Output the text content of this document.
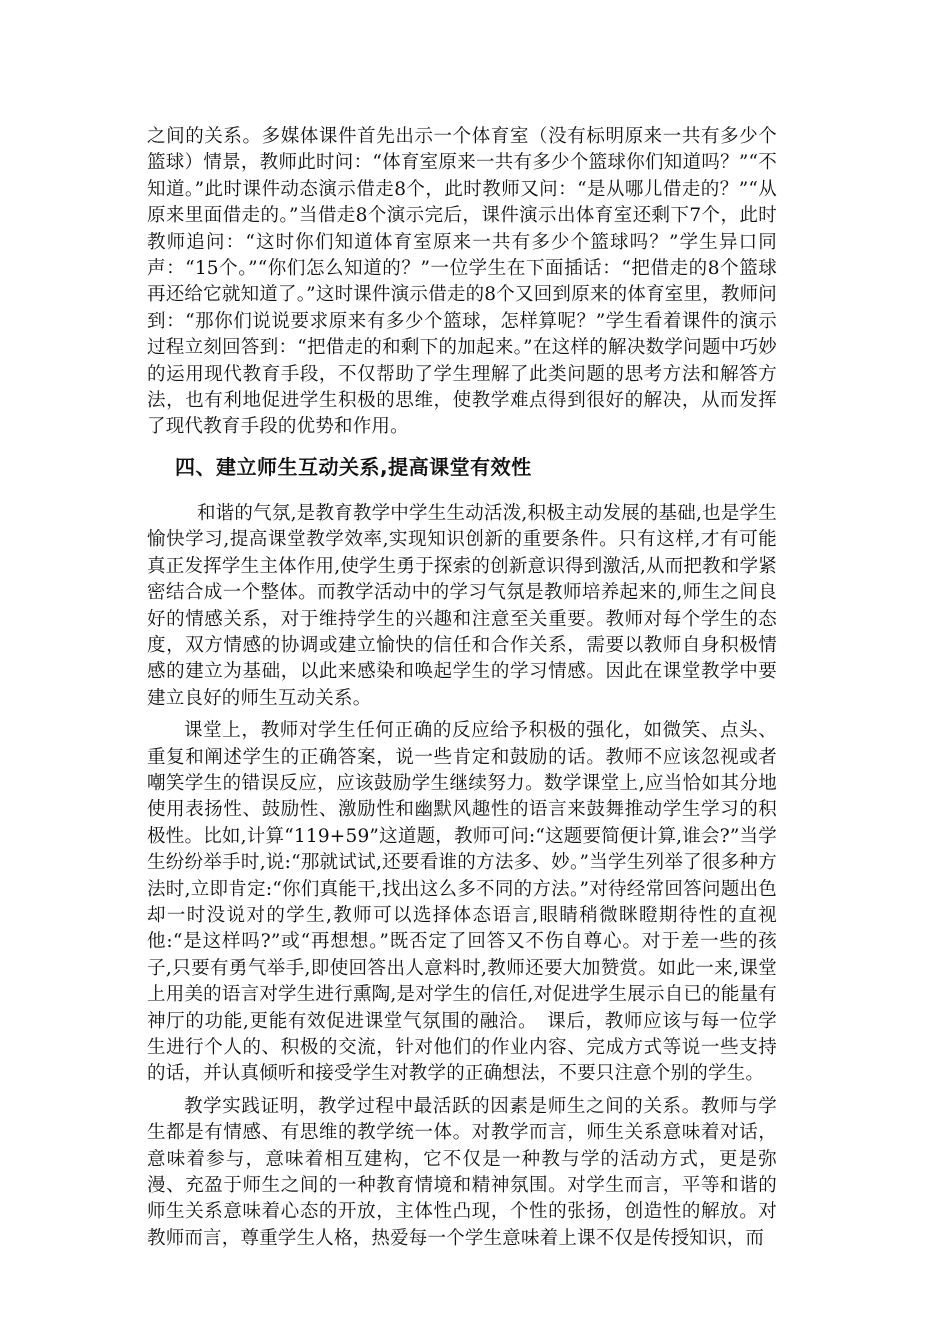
之间的关系。多媒体课件首先出示一个体育室（没有标明原来一共有多少个篮球）情景，教师此时问：“体育室原来一共有多少个篮球你们知道吗？”“不知道。”此时课件动态演示借走8个，此时教师又问：“是从哪儿借走的？”“从原来里面借走的。”当借走8个演示完后，课件演示出体育室还剩下7个，此时教师追问：“这时你们知道体育室原来一共有多少个篮球吗？”学生异口同声：“15个。”“你们怎么知道的？”一位学生在下面插话：“把借走的8个篮球再还给它就知道了。”这时课件演示借走的8个又回到原来的体育室里，教师问到：“那你们说说要求原来有多少个篮球，怎样算呢？”学生看着课件的演示过程立刻回答到：“把借走的和剩下的加起来。”在这样的解决数学问题中巧妙的运用现代教育手段，不仅帮助了学生理解了此类问题的思考方法和解答方法，也有利地促进学生积极的思维，使教学难点得到很好的解决，从而发挥了现代教育手段的优势和作用。

四、建立师生互动关系,提高课堂有效性

和谐的气氛,是教育教学中学生生动活泼,积极主动发展的基础,也是学生愉快学习,提高课堂教学效率,实现知识创新的重要条件。只有这样,才有可能真正发挥学生主体作用,使学生勇于探索的创新意识得到激活,从而把教和学紧密结合成一个整体。而教学活动中的学习气氛是教师培养起来的,师生之间良好的情感关系，对于维持学生的兴趣和注意至关重要。教师对每个学生的态度，双方情感的协调或建立愉快的信任和合作关系，需要以教师自身积极情感的建立为基础，以此来感染和唤起学生的学习情感。因此在课堂教学中要建立良好的师生互动关系。

课堂上，教师对学生任何正确的反应给予积极的强化，如微笑、点头、重复和阐述学生的正确答案，说一些肯定和鼓励的话。教师不应该忽视或者嘲笑学生的错误反应，应该鼓励学生继续努力。数学课堂上,应当恰如其分地使用表扬性、鼓励性、激励性和幽默风趣性的语言来鼓舞推动学生学习的积极性。比如,计算“119+59”这道题，教师可问:“这题要简便计算,谁会?”当学生纷纷举手时,说:“那就试试,还要看谁的方法多、妙。”当学生列举了很多种方法时,立即肯定:“你们真能干,找出这么多不同的方法。”对待经常回答问题出色却一时没说对的学生,教师可以选择体态语言,眼睛稍微眯瞪期待性的直视他:“是这样吗?”或“再想想。”既否定了回答又不伤自尊心。对于差一些的孩子,只要有勇气举手,即使回答出人意料时,教师还要大加赞赏。如此一来,课堂上用美的语言对学生进行熏陶,是对学生的信任,对促进学生展示自已的能量有神厅的功能,更能有效促进课堂气氛围的融洽。　课后，教师应该与每一位学生进行个人的、积极的交流，针对他们的作业内容、完成方式等说一些支持的话，并认真倾听和接受学生对教学的正确想法，不要只注意个别的学生。

教学实践证明，教学过程中最活跃的因素是师生之间的关系。教师与学生都是有情感、有思维的教学统一体。对教学而言，师生关系意味着对话，意味着参与，意味着相互建构，它不仅是一种教与学的活动方式，更是弥漫、充盈于师生之间的一种教育情境和精神氛围。对学生而言，平等和谐的师生关系意味着心态的开放，主体性凸现，个性的张扬，创造性的解放。对教师而言，尊重学生人格，热爱每一个学生意味着上课不仅是传授知识，而
